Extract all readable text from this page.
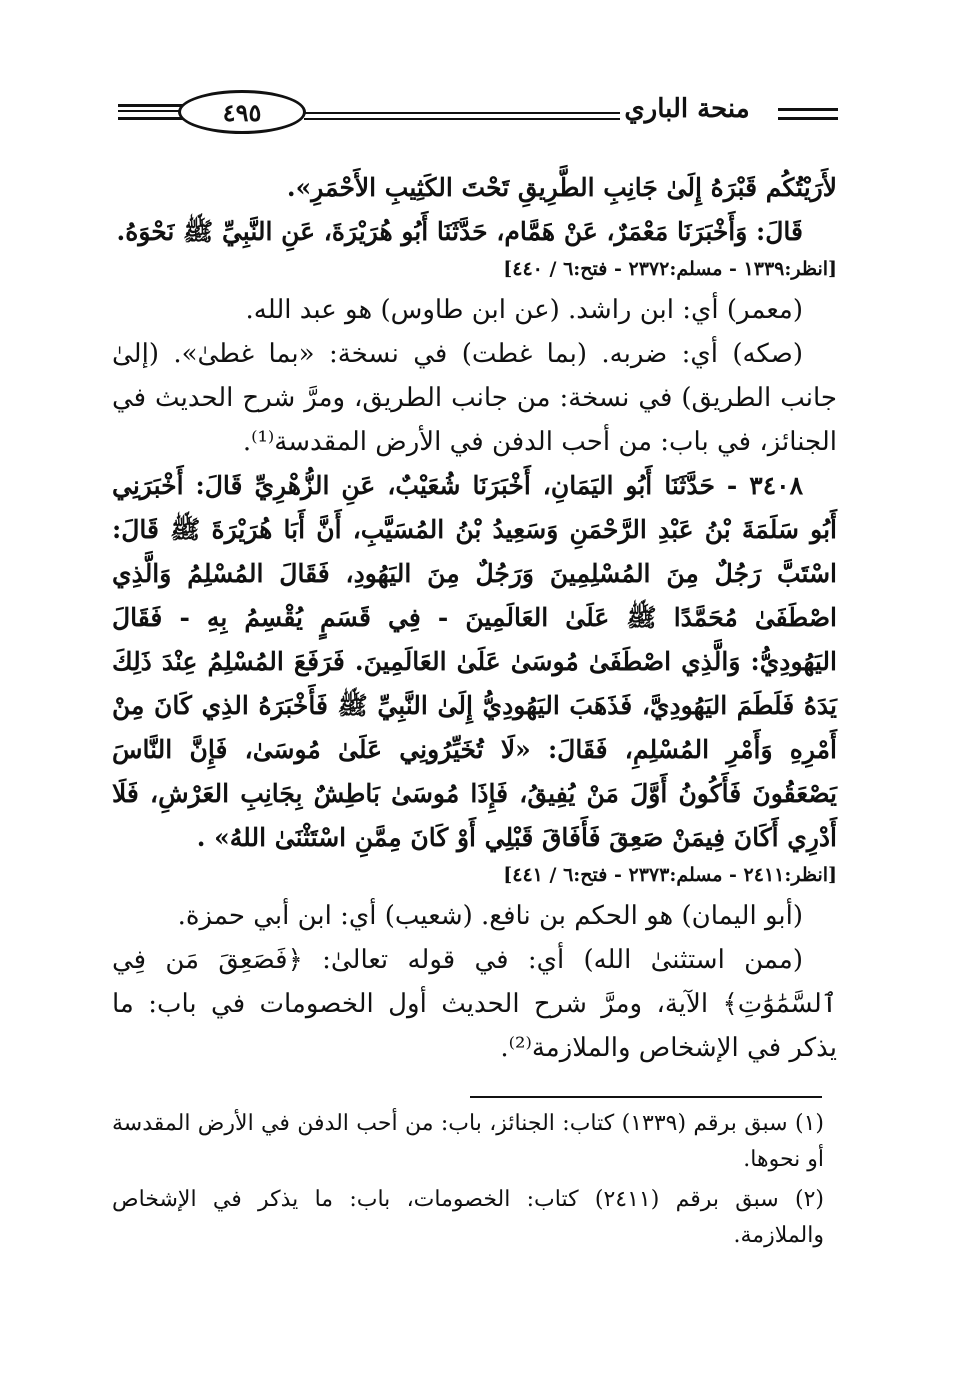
٤٩٥	منحة الباري

لأَرَيْتُكُم قَبْرَهُ إِلَىٰ جَانِبِ الطَّرِيقِ تَحْتَ الكَثِيبِ الأَحْمَرِ».

قَالَ: وَأَخْبَرَنَا مَعْمَرٌ، عَنْ هَمَّام، حَدَّثَنَا أَبُو هُرَيْرَةَ، عَنِ النَّبِيِّ ﷺ نَحْوَهُ.

[انظر:١٣٣٩ - مسلم:٢٣٧٢ - فتح:٦ / ٤٤٠]

(معمر) أي: ابن راشد. (عن ابن طاوس) هو عبد الله.

(صكه) أي: ضربه. (بما غطت) في نسخة: «بما غطىٰ». (إلىٰ جانب الطريق) في نسخة: من جانب الطريق، ومرَّ شرح الحديث في الجنائز، في باب: من أحب الدفن في الأرض المقدسة⁽¹⁾.

٣٤٠٨ - حَدَّثَنَا أَبُو اليَمَانِ، أَخْبَرَنَا شُعَيْبٌ، عَنِ الزُّهْرِيِّ قَالَ: أَخْبَرَنِي أَبُو سَلَمَةَ بْنُ عَبْدِ الرَّحْمَنِ وَسَعِيدُ بْنُ المُسَيَّبِ، أَنَّ أَبَا هُرَيْرَةَ ﷺ قَالَ: اسْتَبَّ رَجُلٌ مِنَ المُسْلِمِينَ وَرَجُلٌ مِنَ اليَهُودِ، فَقَالَ المُسْلِمُ وَالَّذِي اصْطَفَىٰ مُحَمَّدًا ﷺ عَلَىٰ العَالَمِينَ - فِي قَسَمٍ يُقْسِمُ بِهِ - فَقَالَ اليَهُودِيُّ: وَالَّذِي اصْطَفَىٰ مُوسَىٰ عَلَىٰ العَالَمِينَ. فَرَفَعَ المُسْلِمُ عِنْدَ ذَلِكَ يَدَهُ فَلَطَمَ اليَهُودِيَّ، فَذَهَبَ اليَهُودِيُّ إِلَىٰ النَّبِيِّ ﷺ فَأَخْبَرَهُ الذِي كَانَ مِنْ أَمْرِهِ وَأَمْرِ المُسْلِمِ، فَقَالَ: «لَا تُخَيِّرُونِي عَلَىٰ مُوسَىٰ، فَإِنَّ النَّاسَ يَصْعَقُونَ فَأَكُونُ أَوَّلَ مَنْ يُفِيقُ، فَإِذَا مُوسَىٰ بَاطِشٌ بِجَانِبِ العَرْشِ، فَلَا أَدْرِي أَكَانَ فِيمَنْ صَعِقَ فَأَفَاقَ قَبْلِي أَوْ كَانَ مِمَّنِ اسْتَثْنَىٰ اللهُ» .

[انظر:٢٤١١ - مسلم:٢٣٧٣ - فتح:٦ / ٤٤١]

(أبو اليمان) هو الحكم بن نافع. (شعيب) أي: ابن أبي حمزة.

(ممن استثنىٰ الله) أي: في قوله تعالىٰ: ﴿فَصَعِقَ مَن فِي ٱلسَّمَٰوَٰتِ﴾ الآية، ومرَّ شرح الحديث أول الخصومات في باب: ما يذكر في الإشخاص والملازمة⁽²⁾.

(١) سبق برقم (١٣٣٩) كتاب: الجنائز، باب: من أحب الدفن في الأرض المقدسة أو نحوها.

(٢) سبق برقم (٢٤١١) كتاب: الخصومات، باب: ما يذكر في الإشخاص والملازمة.
